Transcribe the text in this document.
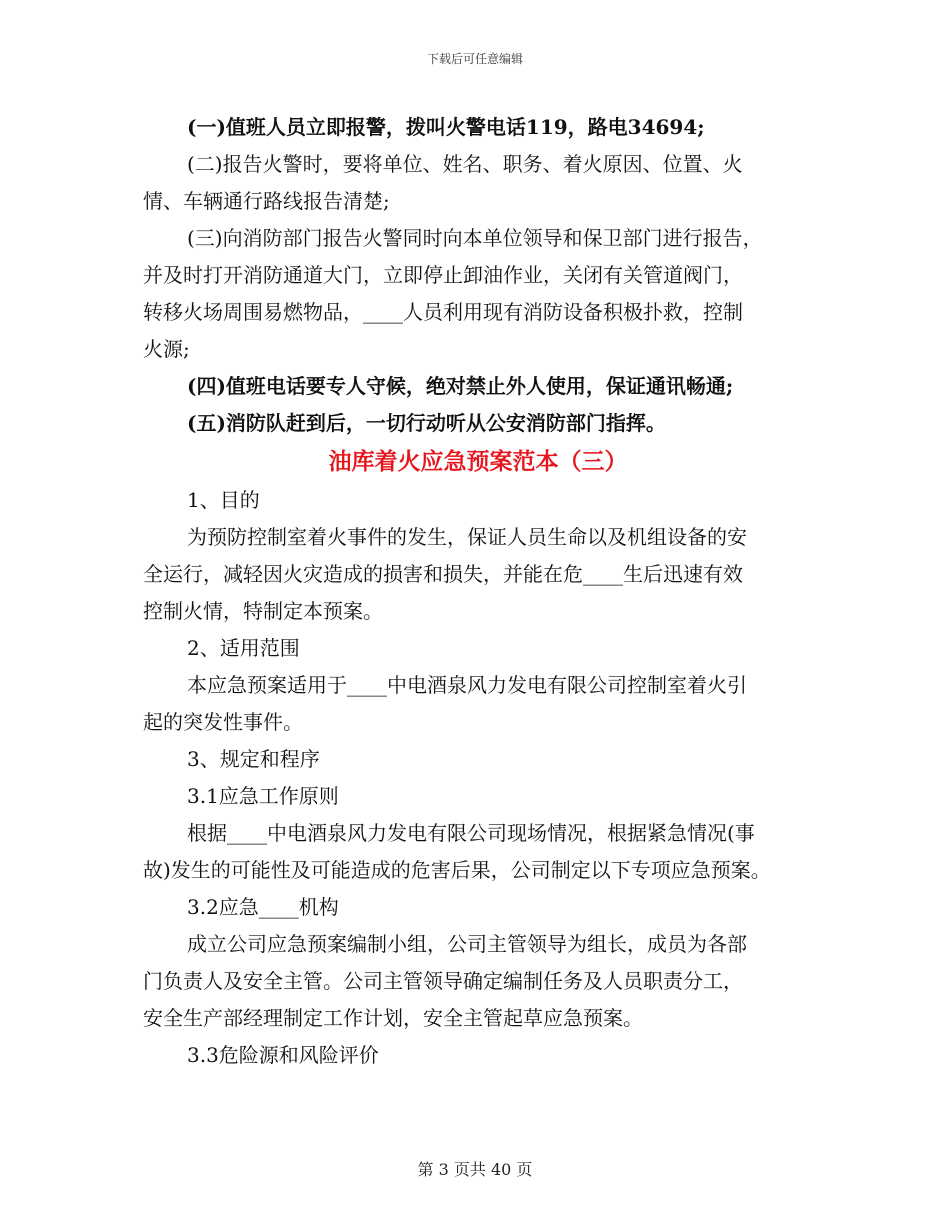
下载后可任意编辑

(一)值班人员立即报警，拨叫火警电话119，路电34694;

(二)报告火警时，要将单位、姓名、职务、着火原因、位置、火

情、车辆通行路线报告清楚;

(三)向消防部门报告火警同时向本单位领导和保卫部门进行报告，

并及时打开消防通道大门，立即停止卸油作业，关闭有关管道阀门，

转移火场周围易燃物品，____人员利用现有消防设备积极扑救，控制

火源;

(四)值班电话要专人守候，绝对禁止外人使用，保证通讯畅通;

(五)消防队赶到后，一切行动听从公安消防部门指挥。

油库着火应急预案范本（三）

1、目的

为预防控制室着火事件的发生，保证人员生命以及机组设备的安

全运行，减轻因火灾造成的损害和损失，并能在危____生后迅速有效

控制火情，特制定本预案。

2、适用范围

本应急预案适用于____中电酒泉风力发电有限公司控制室着火引

起的突发性事件。

3、规定和程序

3.1应急工作原则

根据____中电酒泉风力发电有限公司现场情况，根据紧急情况(事

故)发生的可能性及可能造成的危害后果，公司制定以下专项应急预案。

3.2应急____机构

成立公司应急预案编制小组，公司主管领导为组长，成员为各部

门负责人及安全主管。公司主管领导确定编制任务及人员职责分工，

安全生产部经理制定工作计划，安全主管起草应急预案。

3.3危险源和风险评价

第 3 页共 40 页
